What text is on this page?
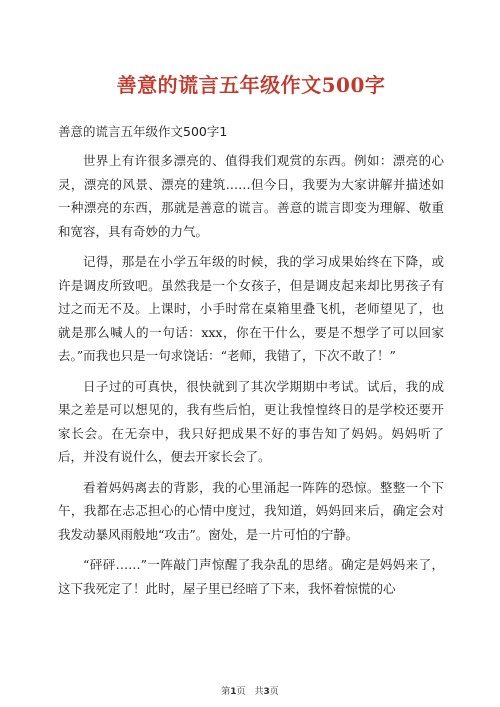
善意的谎言五年级作文500字
善意的谎言五年级作文500字1

世界上有许很多漂亮的、值得我们观赏的东西。例如：漂亮的心灵，漂亮的风景、漂亮的建筑……但今日，我要为大家讲解并描述如一种漂亮的东西，那就是善意的谎言。善意的谎言即变为理解、敬重和宽容，具有奇妙的力气。

记得，那是在小学五年级的时候，我的学习成果始终在下降，或许是调皮所致吧。虽然我是一个女孩子，但是调皮起来却比男孩子有过之而无不及。上课时，小手时常在桌箱里叠飞机，老师望见了，也就是那么喊人的一句话：xxx，你在干什么，要是不想学了可以回家去。”而我也只是一句求饶话：“老师，我错了，下次不敢了！”

日子过的可真快，很快就到了其次学期期中考试。试后，我的成果之差是可以想见的，我有些后怕，更让我惶惶终日的是学校还要开家长会。在无奈中，我只好把成果不好的事告知了妈妈。妈妈听了后，并没有说什么，便去开家长会了。

看着妈妈离去的背影，我的心里涌起一阵阵的恐惊。整整一个下午，我都在忐忑担心的心情中度过，我知道，妈妈回来后，确定会对我发动暴风雨般地“攻击”。窗处，是一片可怕的宁静。

“砰砰……”一阵敲门声惊醒了我杂乱的思绪。确定是妈妈来了，这下我死定了！此时，屋子里已经暗了下来，我怀着惊慌的心

第1页　共3页
